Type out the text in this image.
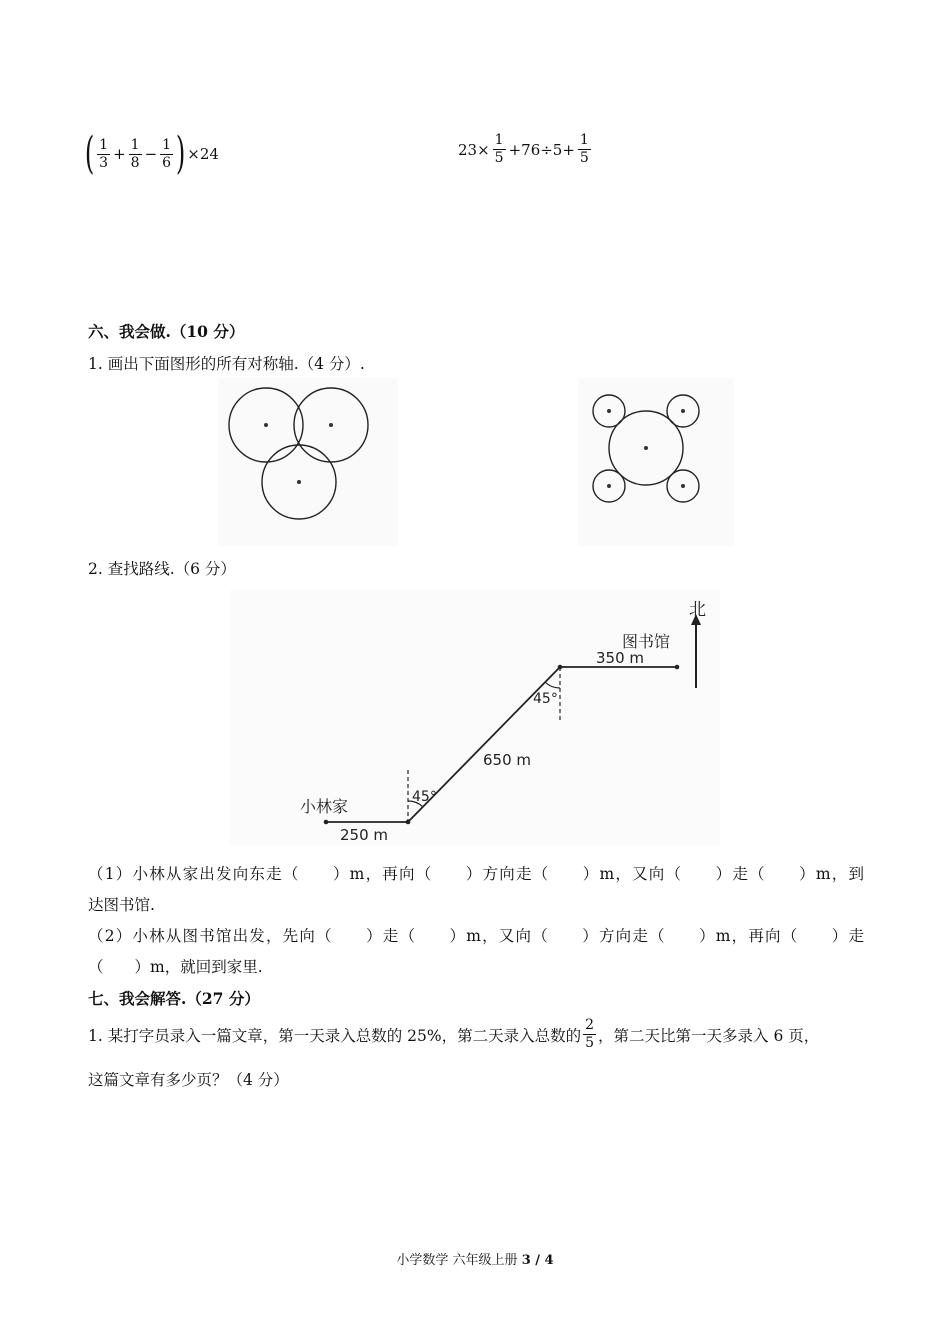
( $\frac{1}{3} + \frac{1}{8} - \frac{1}{6}$ ) ×24	$23\times \frac{1}{5} +76\div 5+ \frac{1}{5}$
六、我会做.（10 分）
1. 画出下面图形的所有对称轴.（4 分）.
2. 查找路线.（6 分）
北
图书馆
350 m
45°
650 m
45°
小林家
250 m
（1）小林从家出发向东走（　　）m，再向（　　）方向走（　　）m，又向（　　）走（　　）m，到
达图书馆.
（2）小林从图书馆出发，先向（　　）走（　　）m，又向（　　）方向走（　　）m，再向（　　）走
（　　）m，就回到家里.
七、我会解答.（27 分）
1. 某打字员录入一篇文章，第一天录入总数的 25%，第二天录入总数的 $\frac{2}{5}$ ，第二天比第一天多录入 6 页，
这篇文章有多少页？（4 分）
小学数学 六年级上册 3 / 4
